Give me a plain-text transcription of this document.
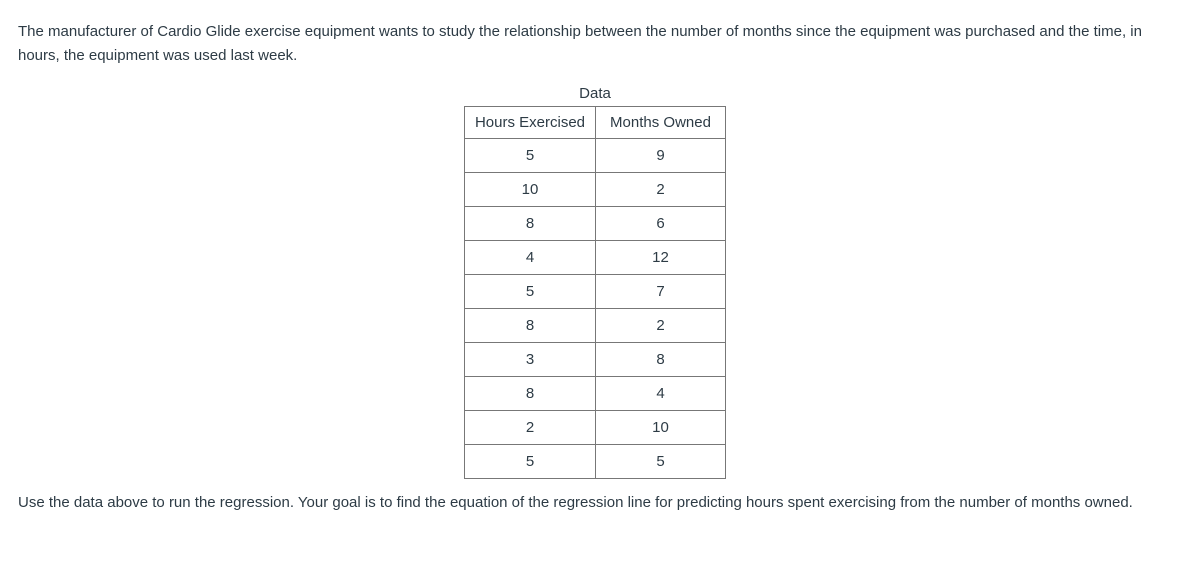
The manufacturer of Cardio Glide exercise equipment wants to study the relationship between the number of months since the equipment was purchased and the time, in hours, the equipment was used last week.

Data
Hours Exercised	Months Owned
5	9
10	2
8	6
4	12
5	7
8	2
3	8
8	4
2	10
5	5

Use the data above to run the regression. Your goal is to find the equation of the regression line for predicting hours spent exercising from the number of months owned.
